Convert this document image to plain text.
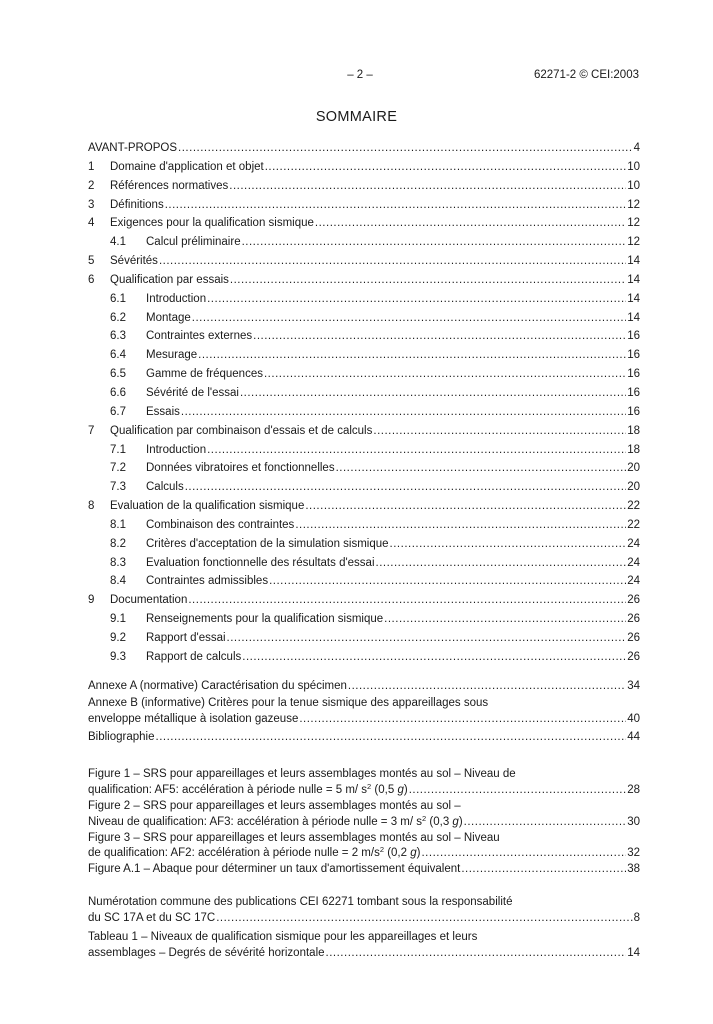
– 2 –	62271-2 © CEI:2003
SOMMAIRE
AVANT-PROPOS .....	4
1	Domaine d'application et objet .....	10
2	Références normatives .....	10
3	Définitions .....	12
4	Exigences pour la qualification sismique .....	12
4.1	Calcul préliminaire .....	12
5	Sévérités .....	14
6	Qualification par essais .....	14
6.1	Introduction .....	14
6.2	Montage .....	14
6.3	Contraintes externes .....	16
6.4	Mesurage .....	16
6.5	Gamme de fréquences .....	16
6.6	Sévérité de l'essai .....	16
6.7	Essais .....	16
7	Qualification par combinaison d'essais et de calculs .....	18
7.1	Introduction .....	18
7.2	Données vibratoires et fonctionnelles .....	20
7.3	Calculs .....	20
8	Evaluation de la qualification sismique .....	22
8.1	Combinaison des contraintes .....	22
8.2	Critères d'acceptation de la simulation sismique .....	24
8.3	Evaluation fonctionnelle des résultats d'essai .....	24
8.4	Contraintes admissibles .....	24
9	Documentation .....	26
9.1	Renseignements pour la qualification sismique .....	26
9.2	Rapport d'essai .....	26
9.3	Rapport de calculs .....	26
Annexe A (normative) Caractérisation du spécimen .....	34
Annexe B (informative) Critères pour la tenue sismique des appareillages sous
enveloppe métallique à isolation gazeuse .....	40
Bibliographie .....	44
Figure 1 – SRS pour appareillages et leurs assemblages montés au sol – Niveau de
qualification: AF5: accélération à période nulle = 5 m/ $s^2$ (0,5 g) .....	28
Figure 2 – SRS pour appareillages et leurs assemblages montés au sol –
Niveau de qualification: AF3: accélération à période nulle = 3 m/ $s^2$ (0,3 g) .....	30
Figure 3 – SRS pour appareillages et leurs assemblages montés au sol – Niveau
de qualification: AF2: accélération à période nulle = 2 $m/s^2$ (0,2 g) .....	32
Figure A.1 – Abaque pour déterminer un taux d'amortissement équivalent .....	38
Numérotation commune des publications CEI 62271 tombant sous la responsabilité
du SC 17A et du SC 17C .....	8
Tableau 1 – Niveaux de qualification sismique pour les appareillages et leurs
assemblages – Degrés de sévérité horizontale .....	14
